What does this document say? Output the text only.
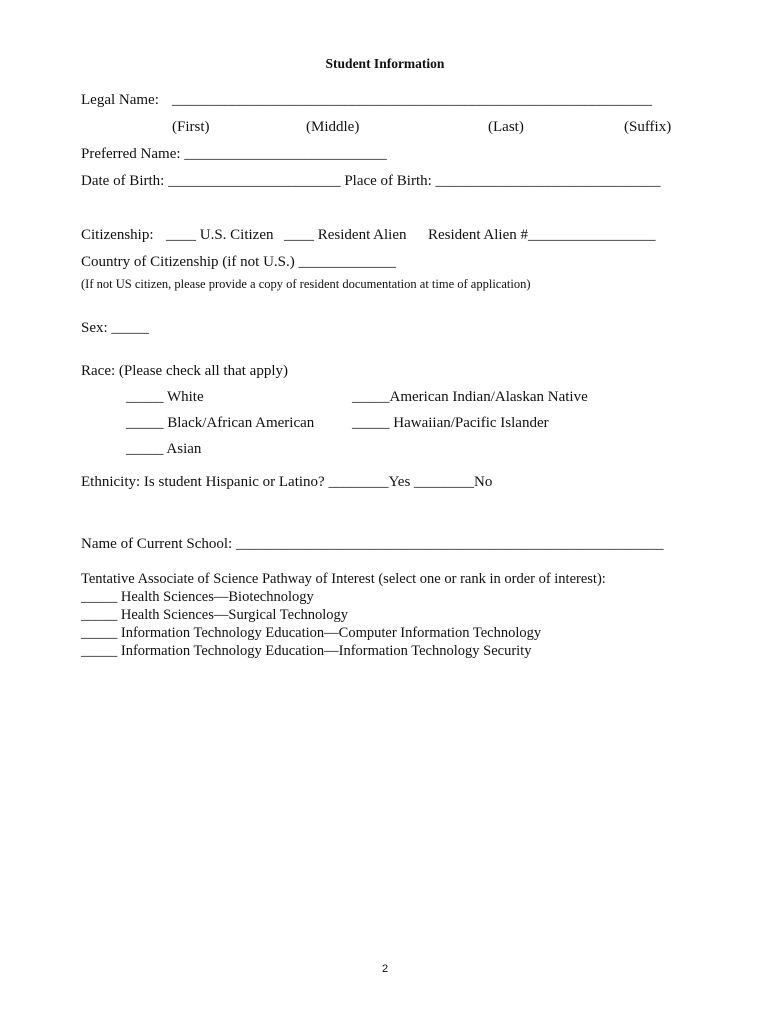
Student Information
Legal Name: ________________________________________________________________
(First)	(Middle)	(Last)	(Suffix)
Preferred Name: ___________________________
Date of Birth: _______________________ Place of Birth: ______________________________
Citizenship: ____ U.S. Citizen ____ Resident Alien Resident Alien #_________________
Country of Citizenship (if not U.S.) _____________
(If not US citizen, please provide a copy of resident documentation at time of application)
Sex: _____
Race: (Please check all that apply)
_____ White	_____American Indian/Alaskan Native
_____ Black/African American	_____ Hawaiian/Pacific Islander
_____ Asian
Ethnicity: Is student Hispanic or Latino? ________Yes ________No
Name of Current School: _________________________________________________________
Tentative Associate of Science Pathway of Interest (select one or rank in order of interest):
_____ Health Sciences—Biotechnology
_____ Health Sciences—Surgical Technology
_____ Information Technology Education—Computer Information Technology
_____ Information Technology Education—Information Technology Security
2
